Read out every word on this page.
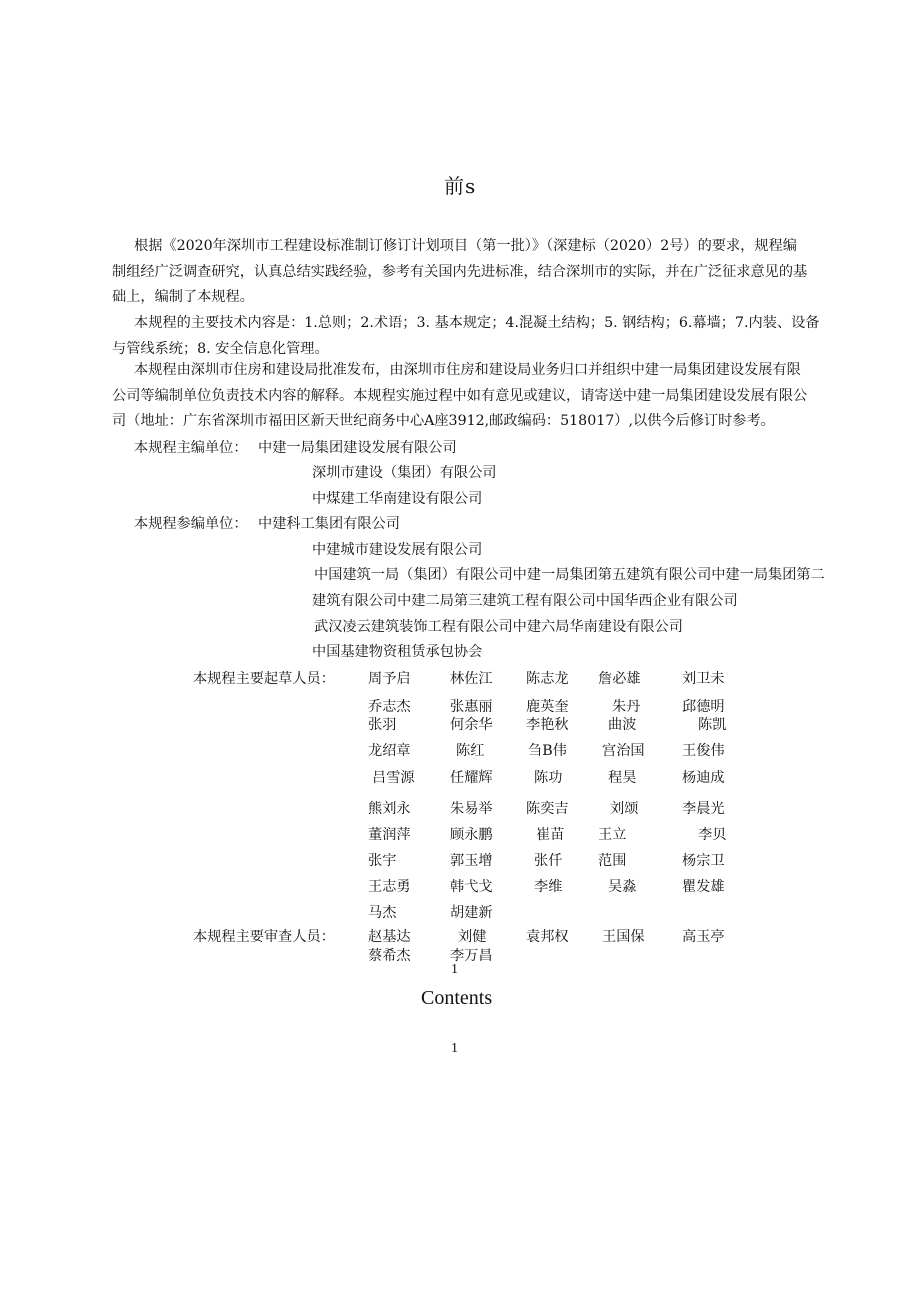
前s
根据《2020年深圳市工程建设标准制订修订计划项目（第一批）》（深建标（2020）2号）的要求，规程编
制组经广泛调查研究，认真总结实践经验，参考有关国内先进标准，结合深圳市的实际，并在广泛征求意见的基
础上，编制了本规程。
本规程的主要技术内容是：1.总则；2.术语；3. 基本规定；4.混凝土结构；5. 钢结构；6.幕墙；7.内装、设备
与管线系统；8. 安全信息化管理。
本规程由深圳市住房和建设局批准发布，由深圳市住房和建设局业务归口并组织中建一局集团建设发展有限
公司等编制单位负责技术内容的解释。本规程实施过程中如有意见或建议，请寄送中建一局集团建设发展有限公
司（地址：广东省深圳市福田区新天世纪商务中心A座3912,邮政编码：518017）,以供今后修订时参考。
本规程主编单位： 中建一局集团建设发展有限公司
深圳市建设（集团）有限公司
中煤建工华南建设有限公司
本规程参编单位： 中建科工集团有限公司
中建城市建设发展有限公司
中国建筑一局（集团）有限公司中建一局集团第五建筑有限公司中建一局集团第二
建筑有限公司中建二局第三建筑工程有限公司中国华西企业有限公司
武汉凌云建筑装饰工程有限公司中建六局华南建设有限公司
中国基建物资租赁承包协会
本规程主要起草人员： 周予启	林佐江 陈志龙 詹必雄	刘卫未
乔志杰	张惠丽 鹿英奎	朱丹	邱德明
张羽	何余华 李艳秋	曲波	陈凯
龙绍章	陈红	刍B伟 宫治国	王俊伟
吕雪源 任耀辉	陈功	程昊	杨迪成
熊刘永	朱易举 陈奕吉	刘颂	李晨光
董润萍	顾永鹏	崔苗 王立	李贝
张宇	郭玉增	张仟	范围	杨宗卫
王志勇	韩弋戈	李维	吴淼	瞿发雄
马杰	胡建新
本规程主要审查人员： 赵基达	刘健	袁邦权 王国保	高玉亭
蔡希杰	李万昌
1
Contents
1
